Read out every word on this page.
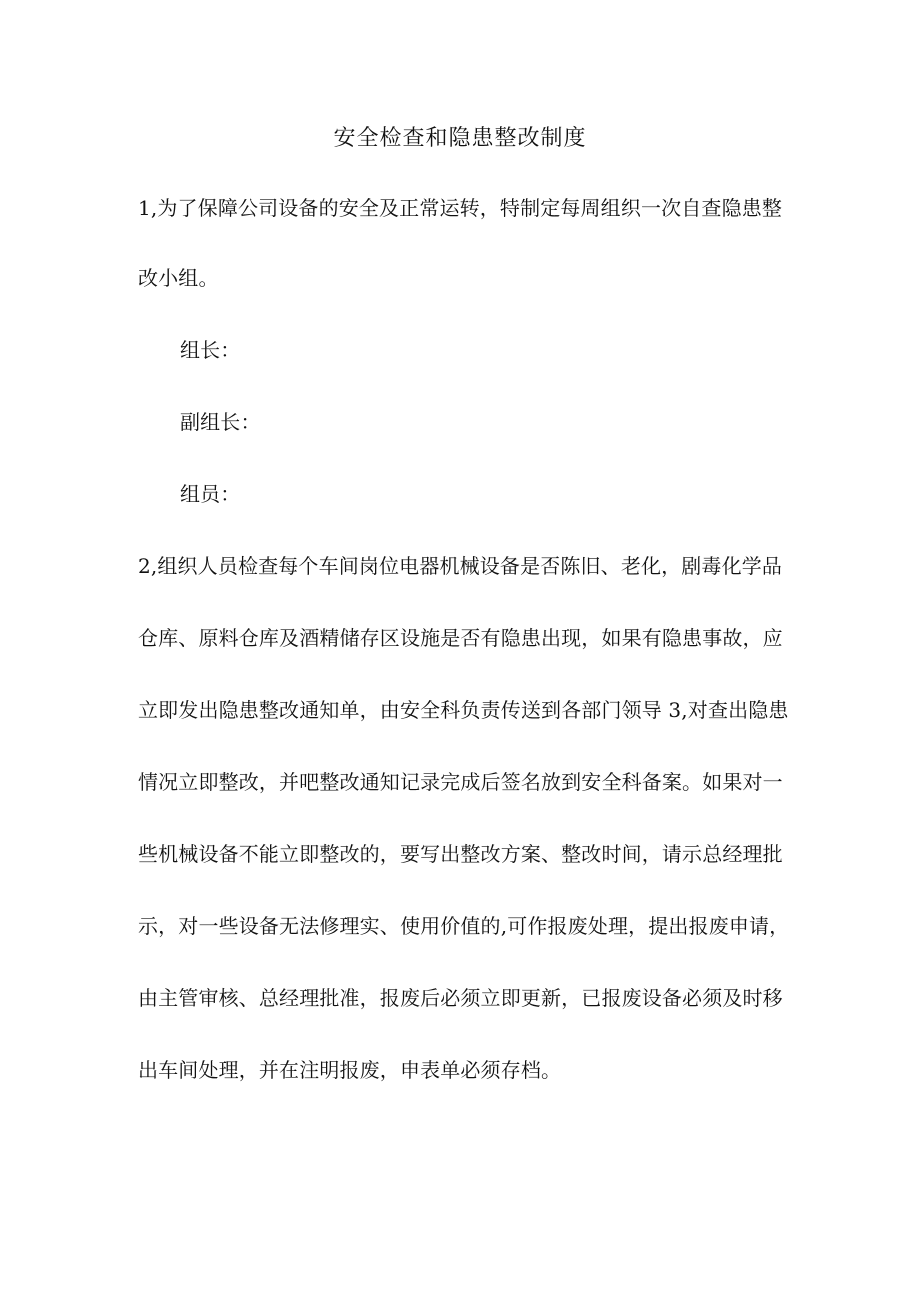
安全检查和隐患整改制度
1,为了保障公司设备的安全及正常运转，特制定每周组织一次自查隐患整
改小组。
组长：
副组长：
组员：
2,组织人员检查每个车间岗位电器机械设备是否陈旧、老化，剧毒化学品
仓库、原料仓库及酒精储存区设施是否有隐患出现，如果有隐患事故，应
立即发出隐患整改通知单，由安全科负责传送到各部门领导 3,对查出隐患
情况立即整改，并吧整改通知记录完成后签名放到安全科备案。如果对一
些机械设备不能立即整改的，要写出整改方案、整改时间，请示总经理批
示，对一些设备无法修理实、使用价值的,可作报废处理，提出报废申请，
由主管审核、总经理批准，报废后必须立即更新，已报废设备必须及时移
出车间处理，并在注明报废，申表单必须存档。
